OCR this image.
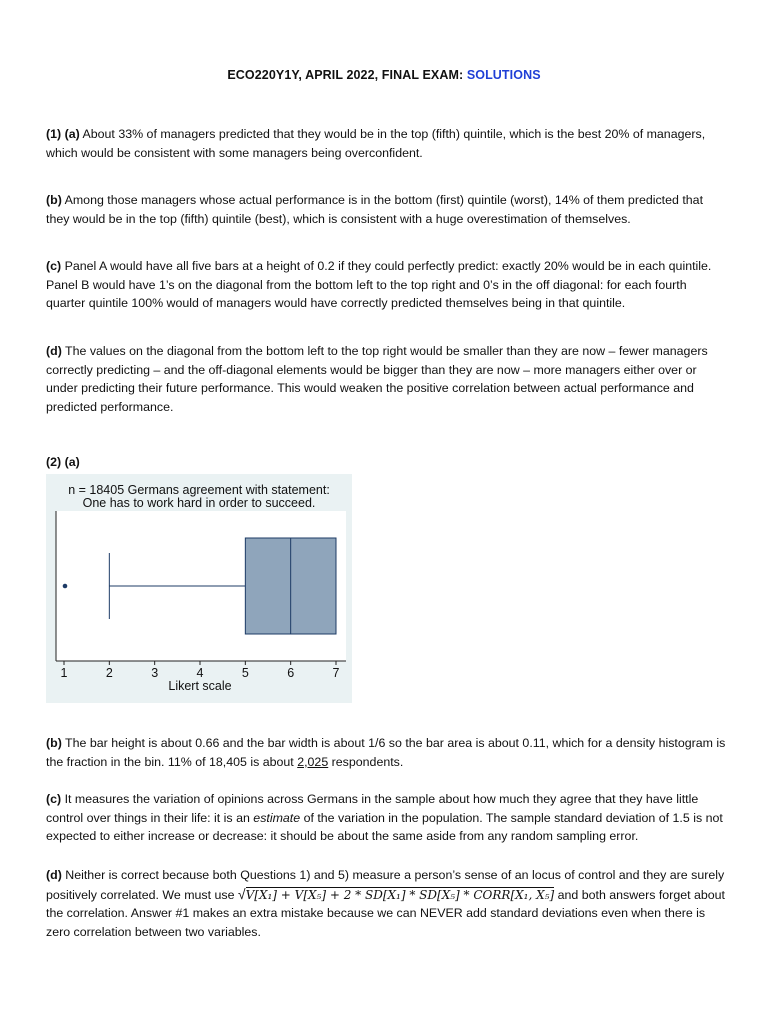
ECO220Y1Y, APRIL 2022, FINAL EXAM: SOLUTIONS
(1) (a) About 33% of managers predicted that they would be in the top (fifth) quintile, which is the best 20% of managers, which would be consistent with some managers being overconfident.
(b) Among those managers whose actual performance is in the bottom (first) quintile (worst), 14% of them predicted that they would be in the top (fifth) quintile (best), which is consistent with a huge overestimation of themselves.
(c) Panel A would have all five bars at a height of 0.2 if they could perfectly predict: exactly 20% would be in each quintile. Panel B would have 1’s on the diagonal from the bottom left to the top right and 0’s in the off diagonal: for each fourth quarter quintile 100% would of managers would have correctly predicted themselves being in that quintile.
(d) The values on the diagonal from the bottom left to the top right would be smaller than they are now – fewer managers correctly predicting – and the off-diagonal elements would be bigger than they are now – more managers either over or under predicting their future performance. This would weaken the positive correlation between actual performance and predicted performance.
(2) (a)
n = 18405 Germans agreement with statement:
One has to work hard in order to succeed.
1	2	3	4	5	6	7
Likert scale
(b) The bar height is about 0.66 and the bar width is about 1/6 so the bar area is about 0.11, which for a density histogram is the fraction in the bin. 11% of 18,405 is about 2,025 respondents.
(c) It measures the variation of opinions across Germans in the sample about how much they agree that they have little control over things in their life: it is an estimate of the variation in the population. The sample standard deviation of 1.5 is not expected to either increase or decrease: it should be about the same aside from any random sampling error.
(d) Neither is correct because both Questions 1) and 5) measure a person’s sense of an locus of control and they are surely positively correlated. We must use √V[X₁] + V[X₅] + 2 * SD[X₁] * SD[X₅] * CORR[X₁, X₅] and both answers forget about the correlation. Answer #1 makes an extra mistake because we can NEVER add standard deviations even when there is zero correlation between two variables.
